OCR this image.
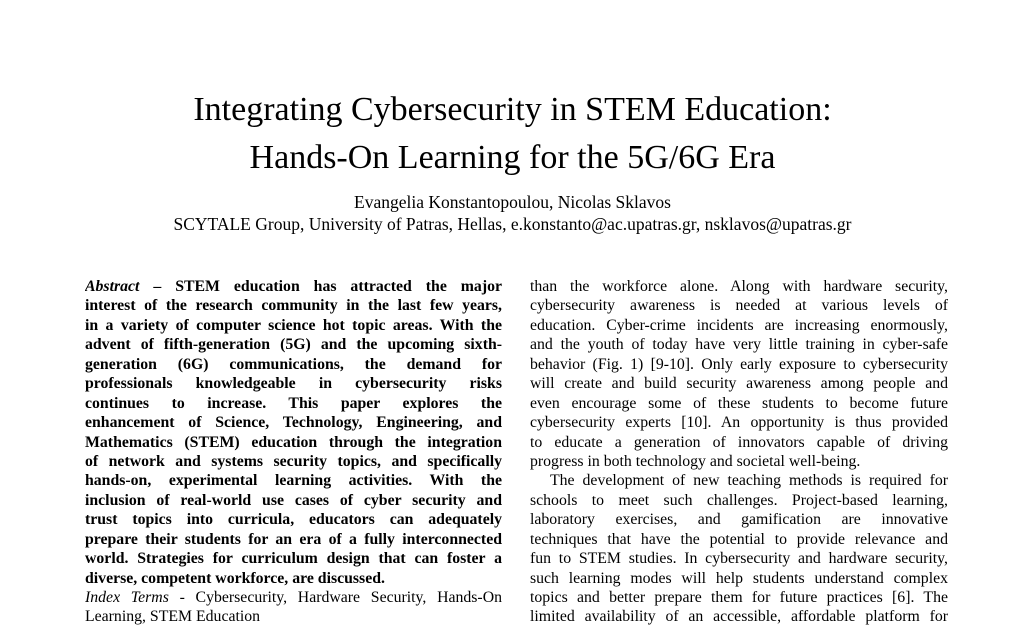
Integrating Cybersecurity in STEM Education:
Hands-On Learning for the 5G/6G Era
Evangelia Konstantopoulou, Nicolas Sklavos
SCYTALE Group, University of Patras, Hellas, e.konstanto@ac.upatras.gr, nsklavos@upatras.gr
Abstract – STEM education has attracted the major
interest of the research community in the last few years,
in a variety of computer science hot topic areas. With the
advent of fifth-generation (5G) and the upcoming sixth-
generation (6G) communications, the demand for
professionals knowledgeable in cybersecurity risks
continues to increase. This paper explores the
enhancement of Science, Technology, Engineering, and
Mathematics (STEM) education through the integration
of network and systems security topics, and specifically
hands-on, experimental learning activities. With the
inclusion of real-world use cases of cyber security and
trust topics into curricula, educators can adequately
prepare their students for an era of a fully interconnected
world. Strategies for curriculum design that can foster a
diverse, competent workforce, are discussed.
Index Terms - Cybersecurity, Hardware Security, Hands-On
Learning, STEM Education
than the workforce alone. Along with hardware security,
cybersecurity awareness is needed at various levels of
education. Cyber-crime incidents are increasing enormously,
and the youth of today have very little training in cyber-safe
behavior (Fig. 1) [9-10]. Only early exposure to cybersecurity
will create and build security awareness among people and
even encourage some of these students to become future
cybersecurity experts [10]. An opportunity is thus provided
to educate a generation of innovators capable of driving
progress in both technology and societal well-being.
The development of new teaching methods is required for
schools to meet such challenges. Project-based learning,
laboratory exercises, and gamification are innovative
techniques that have the potential to provide relevance and
fun to STEM studies. In cybersecurity and hardware security,
such learning modes will help students understand complex
topics and better prepare them for future practices [6]. The
limited availability of an accessible, affordable platform for
